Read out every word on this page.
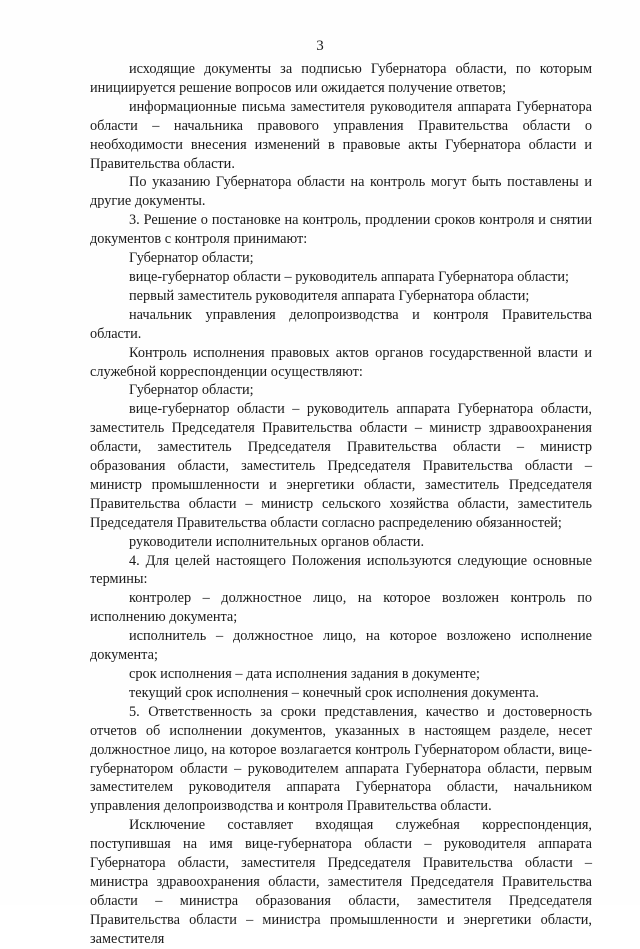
3

исходящие документы за подписью Губернатора области, по которым инициируется решение вопросов или ожидается получение ответов;

информационные письма заместителя руководителя аппарата Губернатора области – начальника правового управления Правительства области о необходимости внесения изменений в правовые акты Губернатора области и Правительства области.

По указанию Губернатора области на контроль могут быть поставлены и другие документы.

3. Решение о постановке на контроль, продлении сроков контроля и снятии документов с контроля принимают:

Губернатор области;

вице-губернатор области – руководитель аппарата Губернатора области;

первый заместитель руководителя аппарата Губернатора области;

начальник управления делопроизводства и контроля Правительства области.

Контроль исполнения правовых актов органов государственной власти и служебной корреспонденции осуществляют:

Губернатор области;

вице-губернатор области – руководитель аппарата Губернатора области, заместитель Председателя Правительства области – министр здравоохранения области, заместитель Председателя Правительства области – министр образования области, заместитель Председателя Правительства области – министр промышленности и энергетики области, заместитель Председателя Правительства области – министр сельского хозяйства области, заместитель Председателя Правительства области согласно распределению обязанностей;

руководители исполнительных органов области.

4. Для целей настоящего Положения используются следующие основные термины:

контролер – должностное лицо, на которое возложен контроль по исполнению документа;

исполнитель – должностное лицо, на которое возложено исполнение документа;

срок исполнения – дата исполнения задания в документе;

текущий срок исполнения – конечный срок исполнения документа.

5. Ответственность за сроки представления, качество и достоверность отчетов об исполнении документов, указанных в настоящем разделе, несет должностное лицо, на которое возлагается контроль Губернатором области, вице-губернатором области – руководителем аппарата Губернатора области, первым заместителем руководителя аппарата Губернатора области, начальником управления делопроизводства и контроля Правительства области.

Исключение составляет входящая служебная корреспонденция, поступившая на имя вице-губернатора области – руководителя аппарата Губернатора области, заместителя Председателя Правительства области – министра здравоохранения области, заместителя Председателя Правительства области – министра образования области, заместителя Председателя Правительства области – министра промышленности и энергетики области, заместителя
